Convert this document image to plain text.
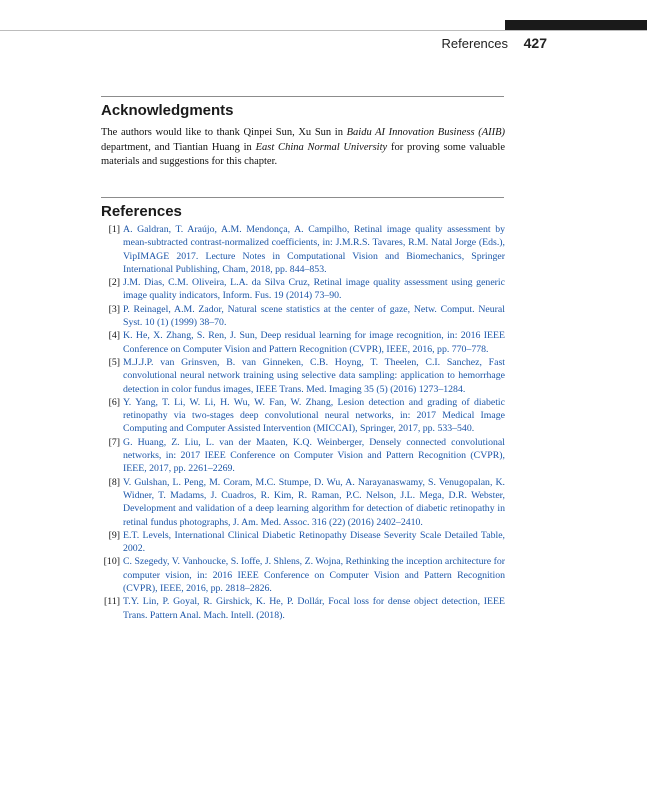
References 427
Acknowledgments

The authors would like to thank Qinpei Sun, Xu Sun in Baidu AI Innovation Business (AIIB) department, and Tiantian Huang in East China Normal University for proving some valuable materials and suggestions for this chapter.

References
[1] A. Galdran, T. Araújo, A.M. Mendonça, A. Campilho, Retinal image quality assessment by mean-subtracted contrast-normalized coefficients, in: J.M.R.S. Tavares, R.M. Natal Jorge (Eds.), VipIMAGE 2017. Lecture Notes in Computational Vision and Biomechanics, Springer International Publishing, Cham, 2018, pp. 844–853.
[2] J.M. Dias, C.M. Oliveira, L.A. da Silva Cruz, Retinal image quality assessment using generic image quality indicators, Inform. Fus. 19 (2014) 73–90.
[3] P. Reinagel, A.M. Zador, Natural scene statistics at the center of gaze, Netw. Comput. Neural Syst. 10 (1) (1999) 38–70.
[4] K. He, X. Zhang, S. Ren, J. Sun, Deep residual learning for image recognition, in: 2016 IEEE Conference on Computer Vision and Pattern Recognition (CVPR), IEEE, 2016, pp. 770–778.
[5] M.J.J.P. van Grinsven, B. van Ginneken, C.B. Hoyng, T. Theelen, C.I. Sanchez, Fast convolutional neural network training using selective data sampling: application to hemorrhage detection in color fundus images, IEEE Trans. Med. Imaging 35 (5) (2016) 1273–1284.
[6] Y. Yang, T. Li, W. Li, H. Wu, W. Fan, W. Zhang, Lesion detection and grading of diabetic retinopathy via two-stages deep convolutional neural networks, in: 2017 Medical Image Computing and Computer Assisted Intervention (MICCAI), Springer, 2017, pp. 533–540.
[7] G. Huang, Z. Liu, L. van der Maaten, K.Q. Weinberger, Densely connected convolutional networks, in: 2017 IEEE Conference on Computer Vision and Pattern Recognition (CVPR), IEEE, 2017, pp. 2261–2269.
[8] V. Gulshan, L. Peng, M. Coram, M.C. Stumpe, D. Wu, A. Narayanaswamy, S. Venugopalan, K. Widner, T. Madams, J. Cuadros, R. Kim, R. Raman, P.C. Nelson, J.L. Mega, D.R. Webster, Development and validation of a deep learning algorithm for detection of diabetic retinopathy in retinal fundus photographs, J. Am. Med. Assoc. 316 (22) (2016) 2402–2410.
[9] E.T. Levels, International Clinical Diabetic Retinopathy Disease Severity Scale Detailed Table, 2002.
[10] C. Szegedy, V. Vanhoucke, S. Ioffe, J. Shlens, Z. Wojna, Rethinking the inception architecture for computer vision, in: 2016 IEEE Conference on Computer Vision and Pattern Recognition (CVPR), IEEE, 2016, pp. 2818–2826.
[11] T.Y. Lin, P. Goyal, R. Girshick, K. He, P. Dollár, Focal loss for dense object detection, IEEE Trans. Pattern Anal. Mach. Intell. (2018).
